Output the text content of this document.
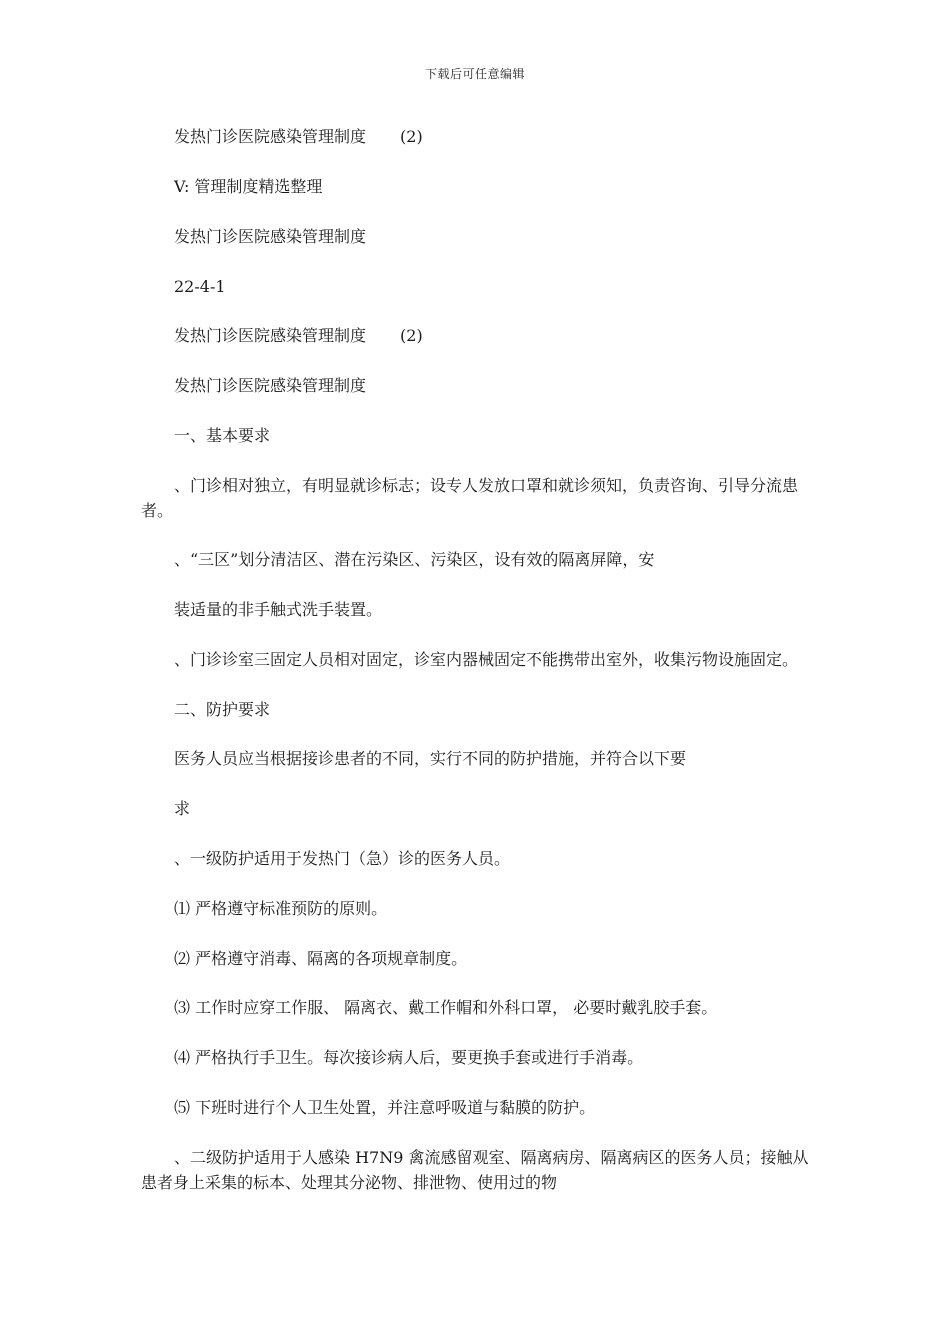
下载后可任意编辑
发热门诊医院感染管理制度 (2)
V: 管理制度精选整理
发热门诊医院感染管理制度
22-4-1
发热门诊医院感染管理制度 (2)
发热门诊医院感染管理制度
一、基本要求
、门诊相对独立，有明显就诊标志；设专人发放口罩和就诊须知，负责咨询、引导分流患者。
、“三区”划分清洁区、潜在污染区、污染区，设有效的隔离屏障，安
装适量的非手触式洗手装置。
、门诊诊室三固定人员相对固定，诊室内器械固定不能携带出室外，收集污物设施固定。
二、防护要求
医务人员应当根据接诊患者的不同，实行不同的防护措施，并符合以下要
求
、一级防护适用于发热门（急）诊的医务人员。
⑴ 严格遵守标准预防的原则。
⑵ 严格遵守消毒、隔离的各项规章制度。
⑶ 工作时应穿工作服、 隔离衣、戴工作帽和外科口罩， 必要时戴乳胶手套。
⑷ 严格执行手卫生。每次接诊病人后，要更换手套或进行手消毒。
⑸ 下班时进行个人卫生处置，并注意呼吸道与黏膜的防护。
、二级防护适用于人感染 H7N9 禽流感留观室、隔离病房、隔离病区的医务人员；接触从患者身上采集的标本、处理其分泌物、排泄物、使用过的物
